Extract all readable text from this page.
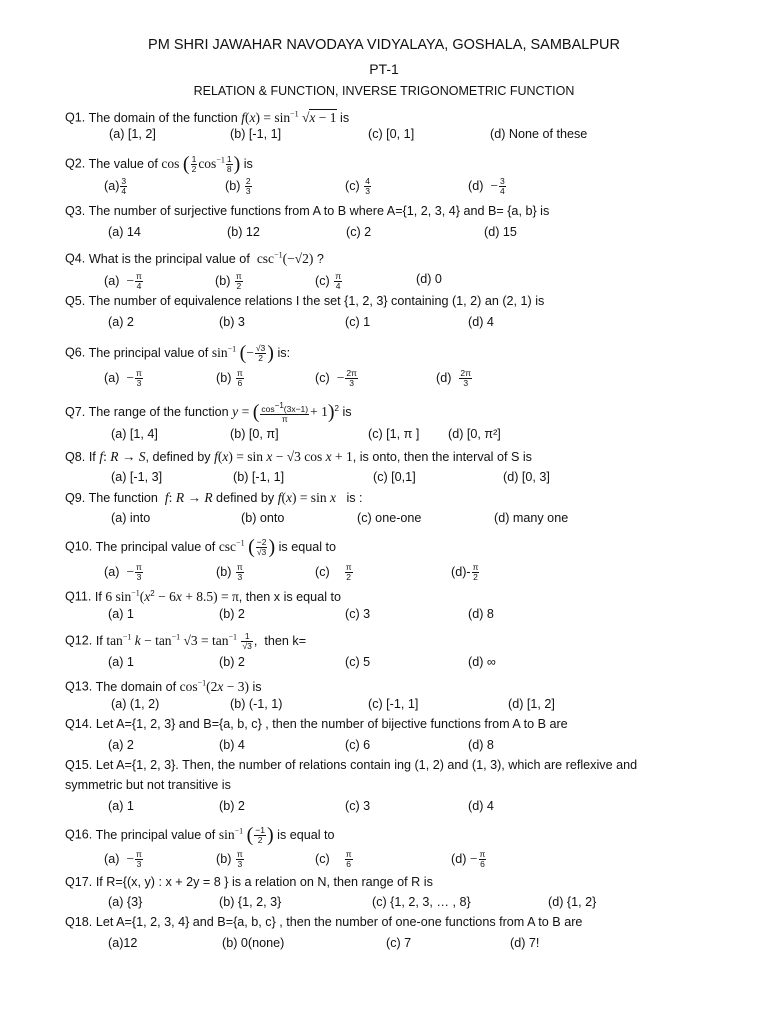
PM SHRI JAWAHAR NAVODAYA VIDYALAYA, GOSHALA, SAMBALPUR
PT-1
RELATION & FUNCTION, INVERSE TRIGONOMETRIC FUNCTION
Q1. The domain of the function $f(x) = \sin^{-1} √x - 1$ is
(a) [1, 2]	(b) [-1, 1]	(c) [0, 1]	(d) None of these
Q2. The value of cos ( $\frac{1}{2} \cos^{-1} \frac{1}{8}$ ) is
$(a) \frac{3}{4}$	$(b) \frac{2}{3}$	$(c) \frac{4}{3}$	$(d) - \frac{3}{4}$
Q3. The number of surjective functions from A to B where A={1, 2, 3, 4} and B= {a, b} is
(a) 14	(b) 12	(c) 2	(d) 15
Q4. What is the principal value of  $\csc^{-1}(-√2)$ ?
$(a) - \frac{\pi}{4}$	$(b) \frac{\pi}{2}$	$(c) \frac{\pi}{4}$	(d) 0
Q5. The number of equivalence relations I the set {1, 2, 3} containing (1, 2) an (2, 1) is
(a) 2	(b) 3	(c) 1	(d) 4
Q6. The principal value of $\sin^{-1}$ (− $\frac{√3}{2}$ ) is:
$(a) - \frac{\pi}{3}$	$(b) \frac{\pi}{6}$	$(c) - \frac{2\pi}{3}$	$(d) \frac{2\pi}{3}$
Q7. The range of the function y = ( $\frac{\cos^{-1}(3x-1)}{\pi} + 1)^2$ is
(a) [1, 4]	(b) [0, π]	(c) [1, π ] (d) [0, π²]
Q8. If f: R → S, defined by f(x) = sin x − √3 cos x + 1, is onto, then the interval of S is
(a) [-1, 3]	(b) [-1, 1]	(c) [0,1]	(d) [0, 3]
Q9. The function  f: R → R defined by f(x) = sin x   is :
(a) into	(b) onto	(c) one-one	(d) many one
Q10. The principal value of $\csc^{-1}$ ( $\frac{-2}{√3}$ ) is equal to
$(a) - \frac{\pi}{3}$	$(b) \frac{\pi}{3}$	$(c) \frac{\pi}{2}$	$(d)- \frac{\pi}{2}$
Q11. If 6 $\sin^{-1}(x^2 - 6x + 8.5) = \pi$, then x is equal to
(a) 1	(b) 2	(c) 3	(d) 8
Q12. If $\tan^{-1} k - \tan^{-1} √3 = \tan^{-1} \frac{1}{√3}$ ,  then k=
(a) 1	(b) 2	(c) 5	(d) ∞
Q13. The domain of $\cos^{-1}(2x - 3)$ is
(a) (1, 2)	(b) (-1, 1)	(c) [-1, 1]	(d) [1, 2]
Q14. Let A={1, 2, 3} and B={a, b, c} , then the number of bijective functions from A to B are
(a) 2	(b) 4	(c) 6	(d) 8
Q15. Let A={1, 2, 3}. Then, the number of relations contain ing (1, 2) and (1, 3), which are reflexive and symmetric but not transitive is
(a) 1	(b) 2	(c) 3	(d) 4
Q16. The principal value of $\sin^{-1}$ ( $\frac{-1}{2}$ ) is equal to
$(a) - \frac{\pi}{3}$	$(b) \frac{\pi}{3}$	$(c) \frac{\pi}{6}$	$(d) - \frac{\pi}{6}$
Q17. If R={(x, y) : x + 2y = 8 } is a relation on N, then range of R is
(a) {3}	(b) {1, 2, 3}	(c) {1, 2, 3, … , 8}	(d) {1, 2}
Q18. Let A={1, 2, 3, 4} and B={a, b, c} , then the number of one-one functions from A to B are
(a)12	(b) 0(none)	(c) 7	(d) 7!
